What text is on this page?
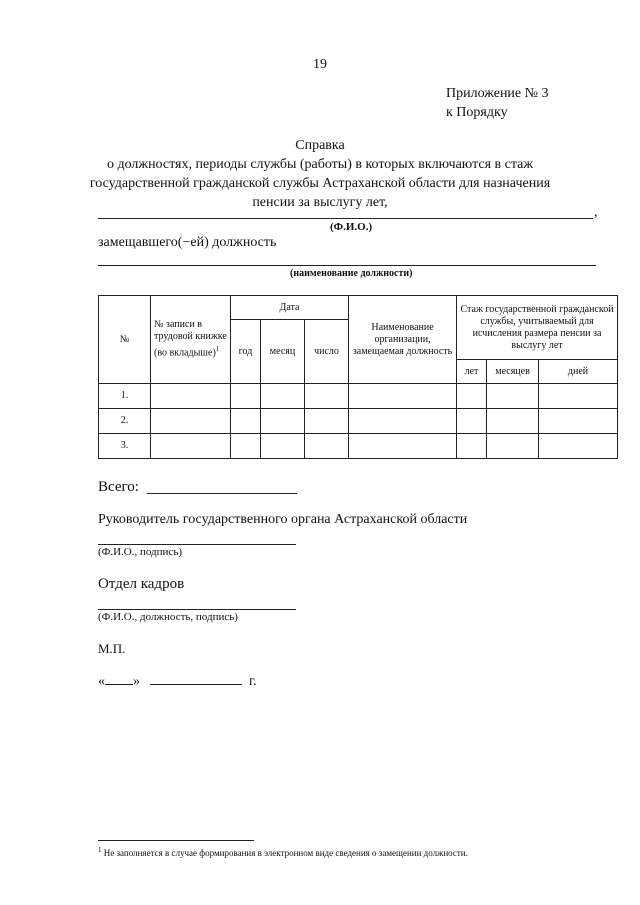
19
Приложение № 3
к Порядку
Справка
о должностях, периоды службы (работы) в которых включаются в стаж
государственной гражданской службы Астраханской области для назначения
пенсии за выслугу лет,
,
(Ф.И.О.)
замещавшего(−ей) должность
(наименование должности)
№	№ записи в трудовой книжке (во вкладыше)$^1$	Дата			Наименование организации, замещаемая должность	Стаж государственной гражданской службы, учитываемый для исчисления размера пенсии за выслугу лет		
		год	месяц	число				
						лет	месяцев	дней
1.								
2.								
3.								
Всего:
Руководитель государственного органа Астраханской области
(Ф.И.О., подпись)
Отдел кадров
(Ф.И.О., должность, подпись)
М.П.
« »	г.
$^1$ Не заполняется в случае формирования в электронном виде сведения о замещении должности.
